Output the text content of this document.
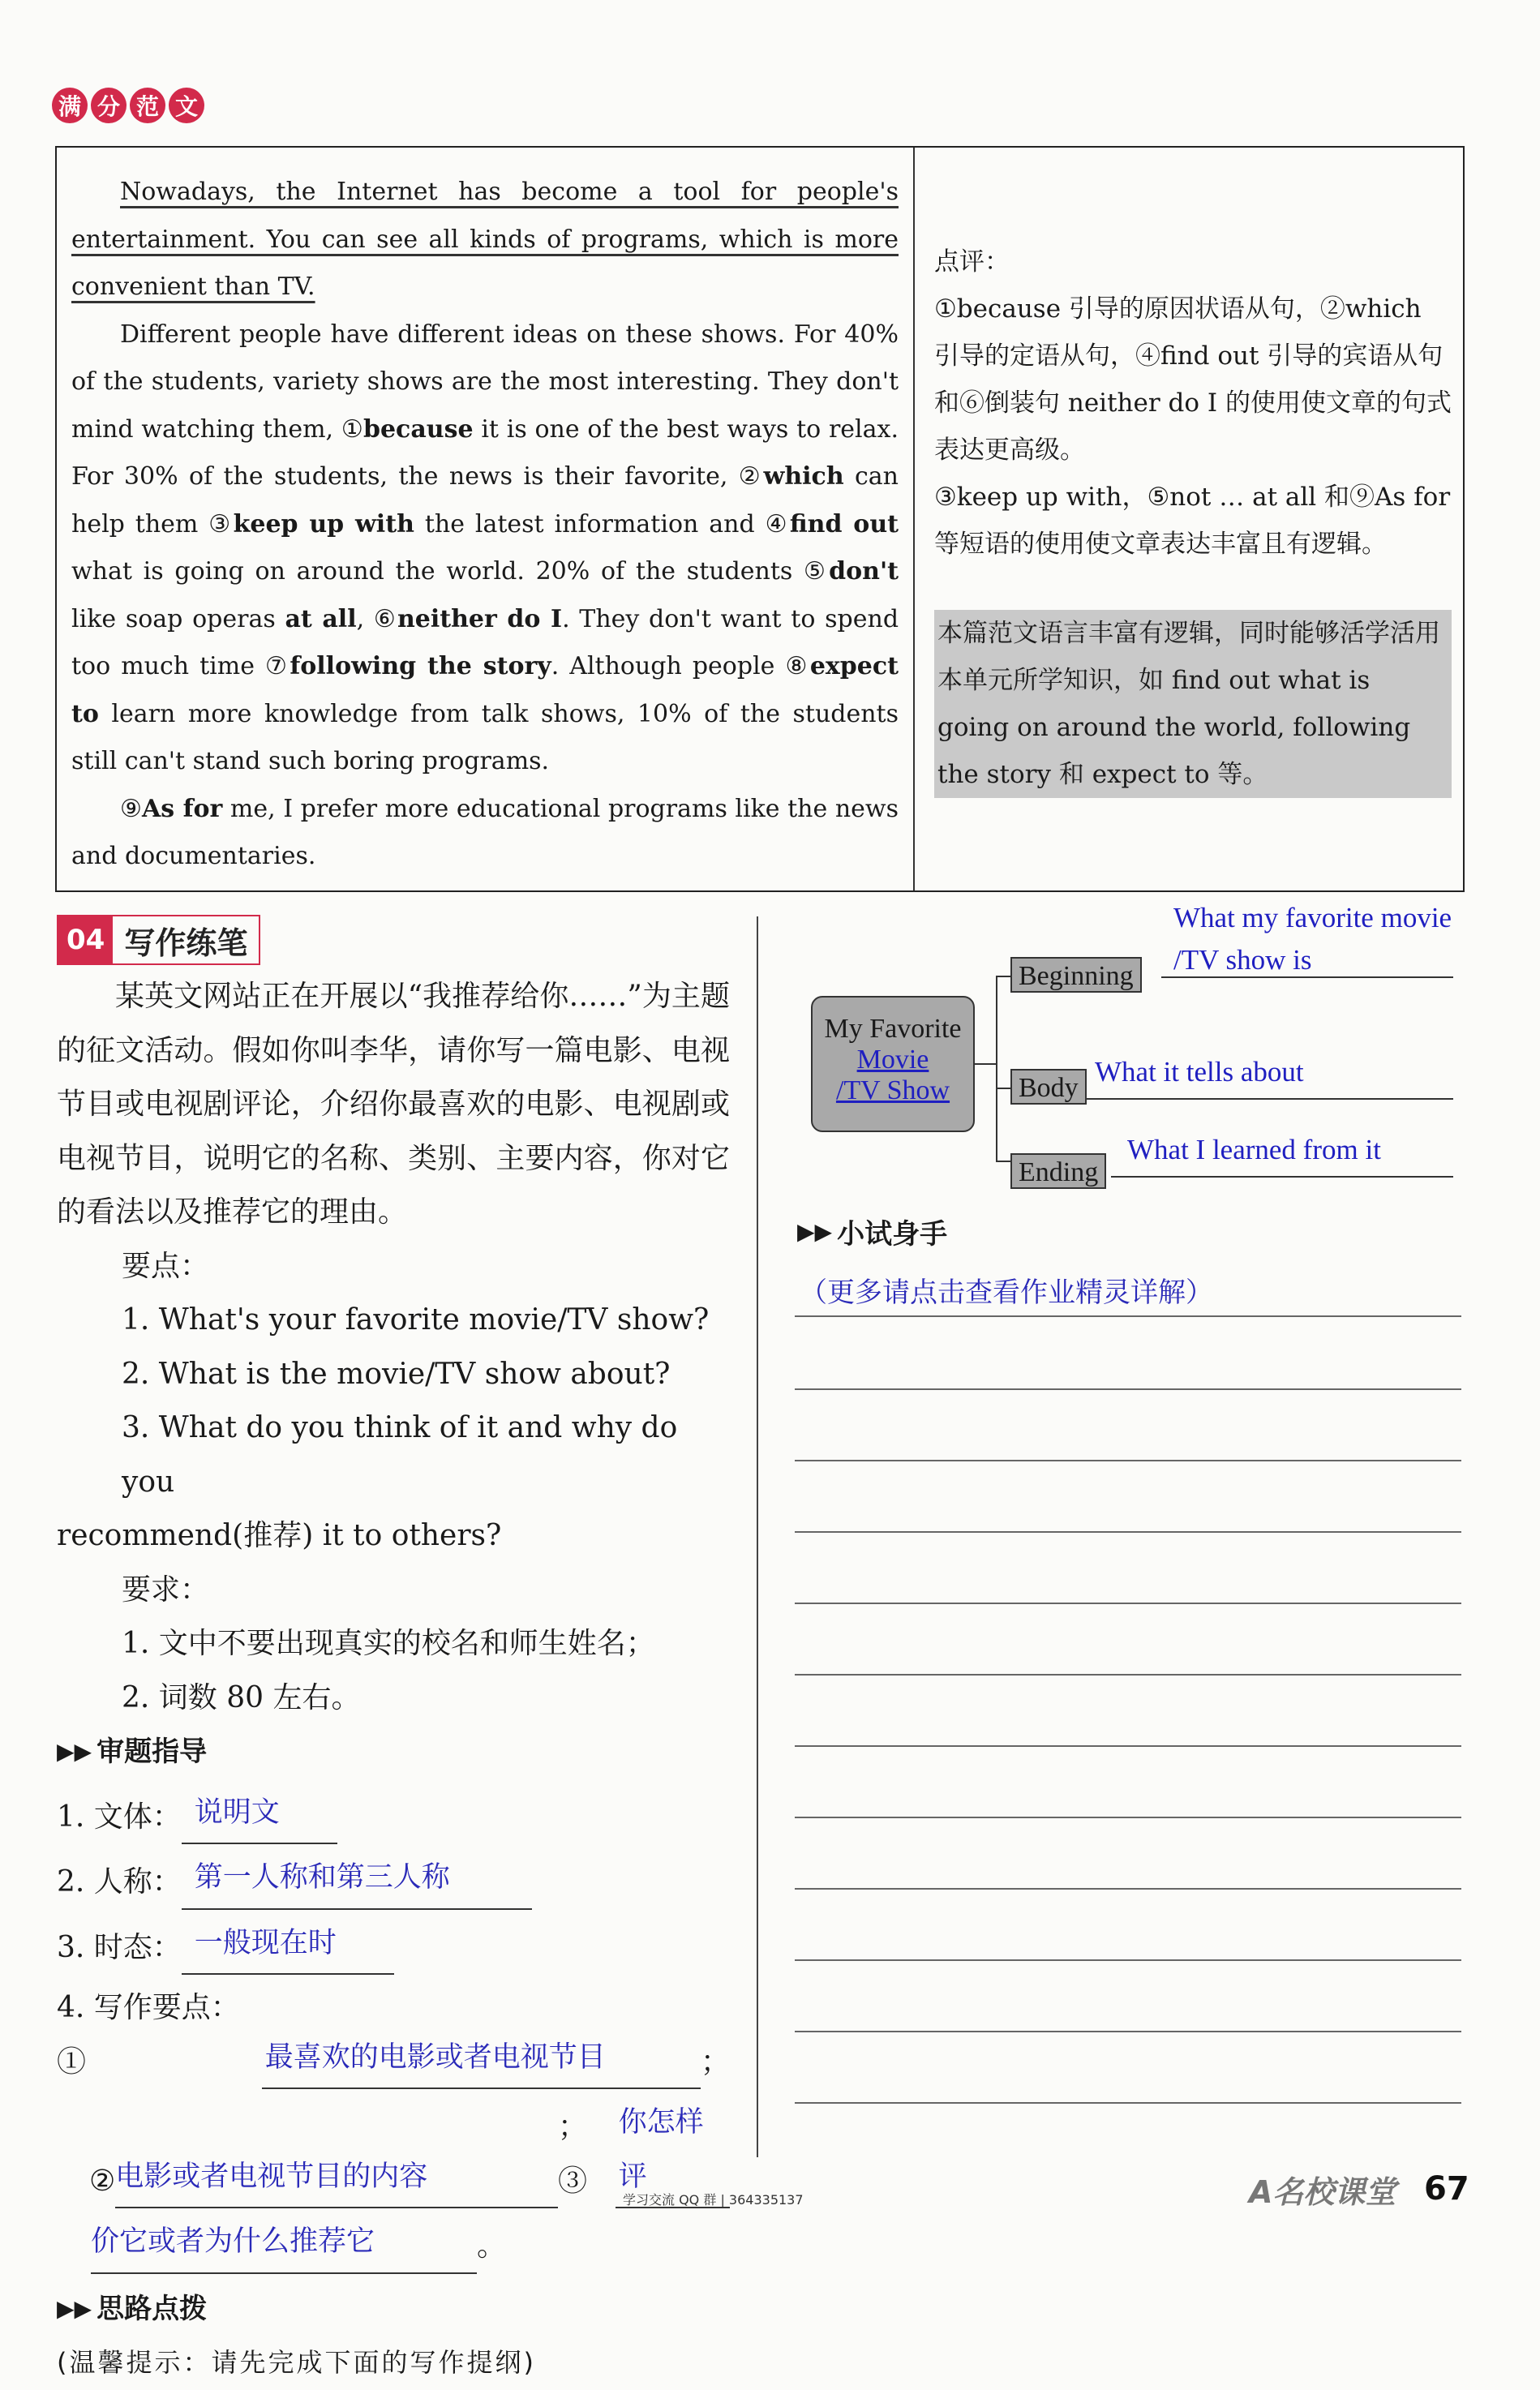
满 分 范 文

Nowadays, the Internet has become a tool for people's entertainment. You can see all kinds of programs, which is more convenient than TV.

Different people have different ideas on these shows. For 40% of the students, variety shows are the most interesting. They don't mind watching them, ①because it is one of the best ways to relax. For 30% of the students, the news is their favorite, ②which can help them ③keep up with the latest information and ④find out what is going on around the world. 20% of the students ⑤don't like soap operas at all, ⑥neither do I. They don't want to spend too much time ⑦following the story. Although people ⑧expect to learn more knowledge from talk shows, 10% of the students still can't stand such boring programs.

⑨As for me, I prefer more educational programs like the news and documentaries.

点评：

①because 引导的原因状语从句，②which 引导的定语从句，④find out 引导的宾语从句和⑥倒装句 neither do I 的使用使文章的句式表达更高级。

③keep up with，⑤not … at all 和⑨As for 等短语的使用使文章表达丰富且有逻辑。

本篇范文语言丰富有逻辑，同时能够活学活用本单元所学知识，如 find out what is going on around the world, following the story 和 expect to 等。
04 写作练笔

某英文网站正在开展以“我推荐给你……”为主题的征文活动。假如你叫李华，请你写一篇电影、电视节目或电视剧评论，介绍你最喜欢的电影、电视剧或电视节目，说明它的名称、类别、主要内容，你对它的看法以及推荐它的理由。

要点：

1. What's your favorite movie/TV show?

2. What is the movie/TV show about?

3. What do you think of it and why do you

recommend(推荐) it to others?

要求：

1. 文中不要出现真实的校名和师生姓名；

2. 词数 80 左右。

▶▶ 审题指导
1. 文体： 说明文
2. 人称： 第一人称和第三人称
3. 时态： 一般现在时
4. 写作要点：①	最喜欢的电影或者电视节目	；
② 电影或者电视节目的内容
；③
你怎样评
价它或者为什么推荐它	。
▶▶ 思路点拨

(温馨提示：请先完成下面的写作提纲)

My Favorite
Movie
/TV Show
Beginning
Body
Ending
What my favorite movie
/TV show is
What it tells about
What I learned from it
▶▶ 小试身手
（更多请点击查看作业精灵详解）
学习交流 QQ 群 | 364335137	A名校课堂 67
